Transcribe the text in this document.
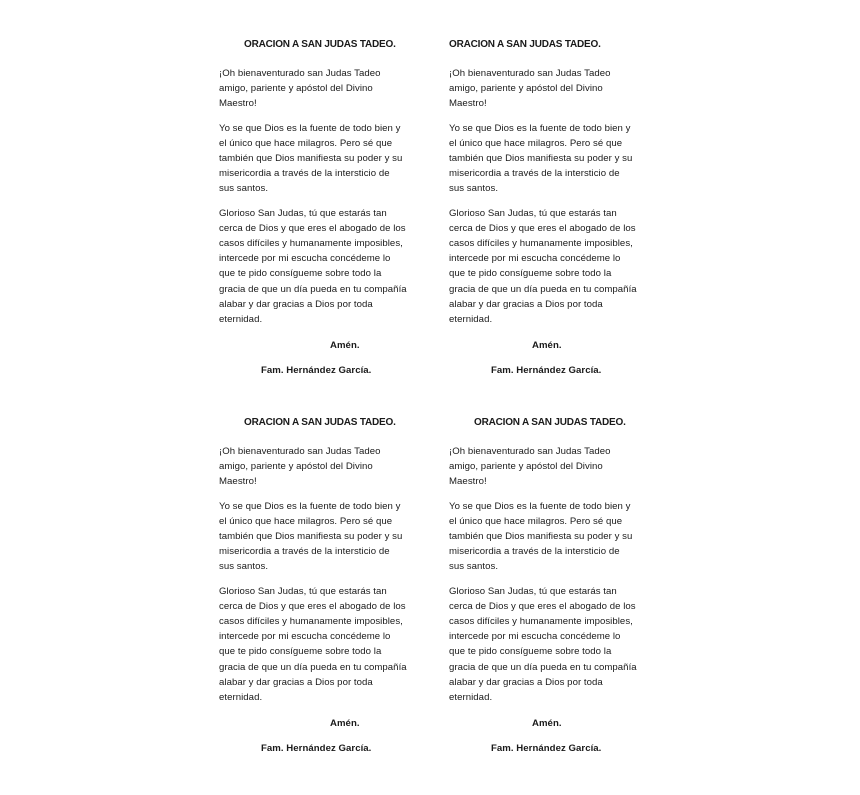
ORACION A SAN JUDAS TADEO.

¡Oh bienaventurado san Judas Tadeo
amigo, pariente y apóstol del Divino
Maestro!

Yo se que Dios es la fuente de todo bien y
el único que hace milagros. Pero sé que
también que Dios manifiesta su poder y su
misericordia a través de la intersticio de
sus santos.

Glorioso San Judas, tú que estarás tan
cerca de Dios y que eres el abogado de los
casos difíciles y humanamente imposibles,
intercede por mi escucha concédeme lo
que te pido consígueme sobre todo la
gracia de que un día pueda en tu compañía
alabar y dar gracias a Dios por toda
eternidad.

Amén.
Fam. Hernández García.
ORACION A SAN JUDAS TADEO.

¡Oh bienaventurado san Judas Tadeo
amigo, pariente y apóstol del Divino
Maestro!

Yo se que Dios es la fuente de todo bien y
el único que hace milagros. Pero sé que
también que Dios manifiesta su poder y su
misericordia a través de la intersticio de
sus santos.

Glorioso San Judas, tú que estarás tan
cerca de Dios y que eres el abogado de los
casos difíciles y humanamente imposibles,
intercede por mi escucha concédeme lo
que te pido consígueme sobre todo la
gracia de que un día pueda en tu compañía
alabar y dar gracias a Dios por toda
eternidad.

Amén.
Fam. Hernández García.
ORACION A SAN JUDAS TADEO.

¡Oh bienaventurado san Judas Tadeo
amigo, pariente y apóstol del Divino
Maestro!

Yo se que Dios es la fuente de todo bien y
el único que hace milagros. Pero sé que
también que Dios manifiesta su poder y su
misericordia a través de la intersticio de
sus santos.

Glorioso San Judas, tú que estarás tan
cerca de Dios y que eres el abogado de los
casos difíciles y humanamente imposibles,
intercede por mi escucha concédeme lo
que te pido consígueme sobre todo la
gracia de que un día pueda en tu compañía
alabar y dar gracias a Dios por toda
eternidad.

Amén.
Fam. Hernández García.
ORACION A SAN JUDAS TADEO.

¡Oh bienaventurado san Judas Tadeo
amigo, pariente y apóstol del Divino
Maestro!

Yo se que Dios es la fuente de todo bien y
el único que hace milagros. Pero sé que
también que Dios manifiesta su poder y su
misericordia a través de la intersticio de
sus santos.

Glorioso San Judas, tú que estarás tan
cerca de Dios y que eres el abogado de los
casos difíciles y humanamente imposibles,
intercede por mi escucha concédeme lo
que te pido consígueme sobre todo la
gracia de que un día pueda en tu compañía
alabar y dar gracias a Dios por toda
eternidad.

Amén.
Fam. Hernández García.
